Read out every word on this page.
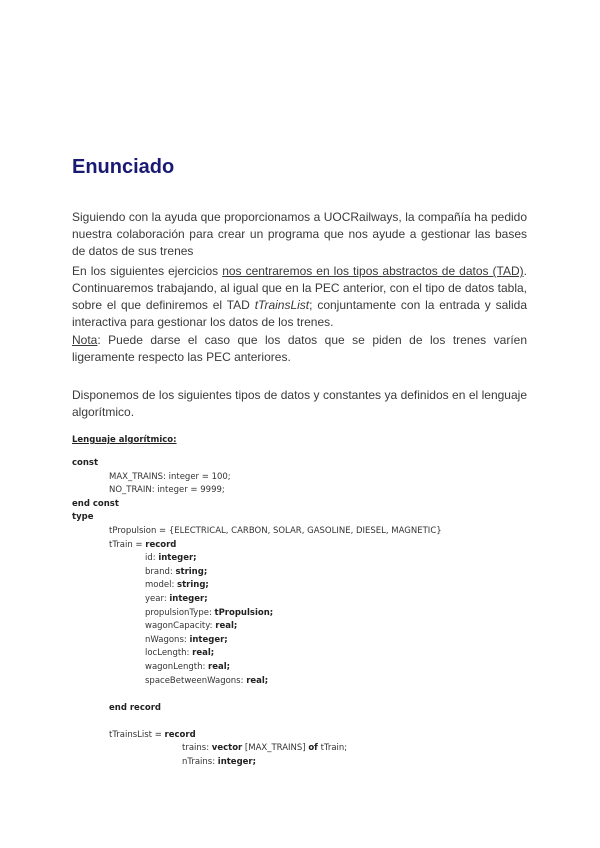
Enunciado

Siguiendo con la ayuda que proporcionamos a UOCRailways, la compañía ha pedido nuestra colaboración para crear un programa que nos ayude a gestionar las bases de datos de sus trenes

En los siguientes ejercicios nos centraremos en los tipos abstractos de datos (TAD). Continuaremos trabajando, al igual que en la PEC anterior, con el tipo de datos tabla, sobre el que definiremos el TAD tTrainsList; conjuntamente con la entrada y salida interactiva para gestionar los datos de los trenes.

Nota: Puede darse el caso que los datos que se piden de los trenes varíen ligeramente respecto las PEC anteriores.

Disponemos de los siguientes tipos de datos y constantes ya definidos en el lenguaje algorítmico.

Lenguaje algorítmico:
const
MAX_TRAINS: integer = 100;
NO_TRAIN: integer = 9999;
end const
type
tPropulsion = {ELECTRICAL, CARBON, SOLAR, GASOLINE, DIESEL, MAGNETIC}
tTrain = record
id: integer;
brand: string;
model: string;
year: integer;
propulsionType: tPropulsion;
wagonCapacity: real;
nWagons: integer;
locLength: real;
wagonLength: real;
spaceBetweenWagons: real;
end record
tTrainsList = record
trains: vector [MAX_TRAINS] of tTrain;
nTrains: integer;
